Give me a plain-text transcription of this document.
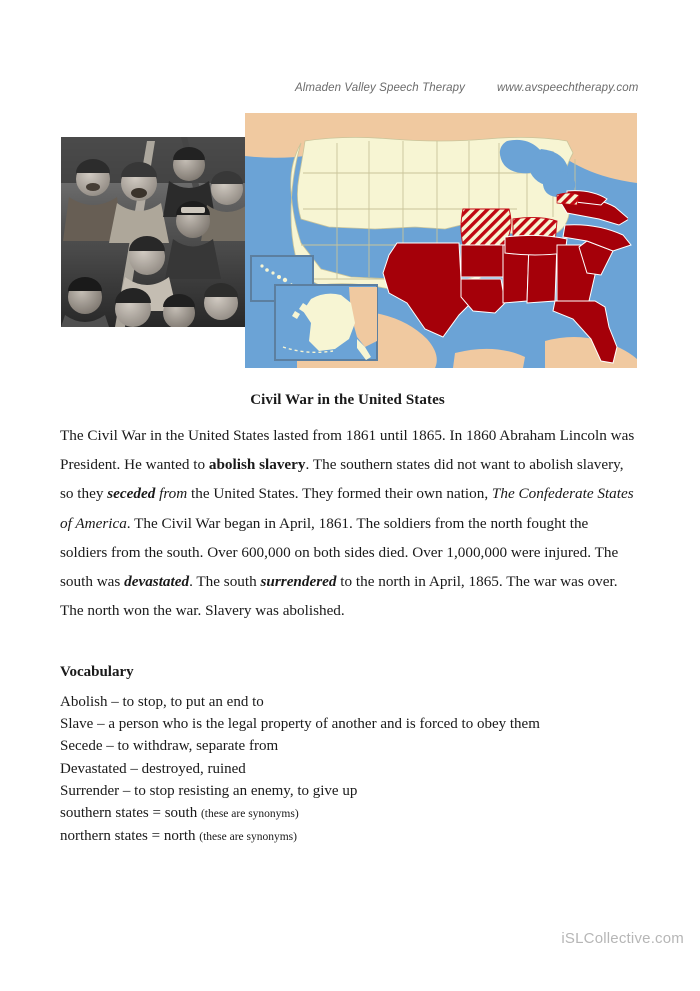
Almaden Valley Speech Therapy	www.avspeechtherapy.com
Civil War in the United States

The Civil War in the United States lasted from 1861 until 1865. In 1860 Abraham Lincoln was President. He wanted to abolish slavery. The southern states did not want to abolish slavery, so they seceded from the United States. They formed their own nation, The Confederate States of America. The Civil War began in April, 1861. The soldiers from the north fought the soldiers from the south. Over 600,000 on both sides died. Over 1,000,000 were injured. The south was devastated. The south surrendered to the north in April, 1865. The war was over. The north won the war. Slavery was abolished.

Vocabulary
Abolish – to stop, to put an end to
Slave – a person who is the legal property of another and is forced to obey them
Secede – to withdraw, separate from
Devastated – destroyed, ruined
Surrender – to stop resisting an enemy, to give up
southern states = south (these are synonyms)
northern states = north (these are synonyms)
iSLCollective.com
